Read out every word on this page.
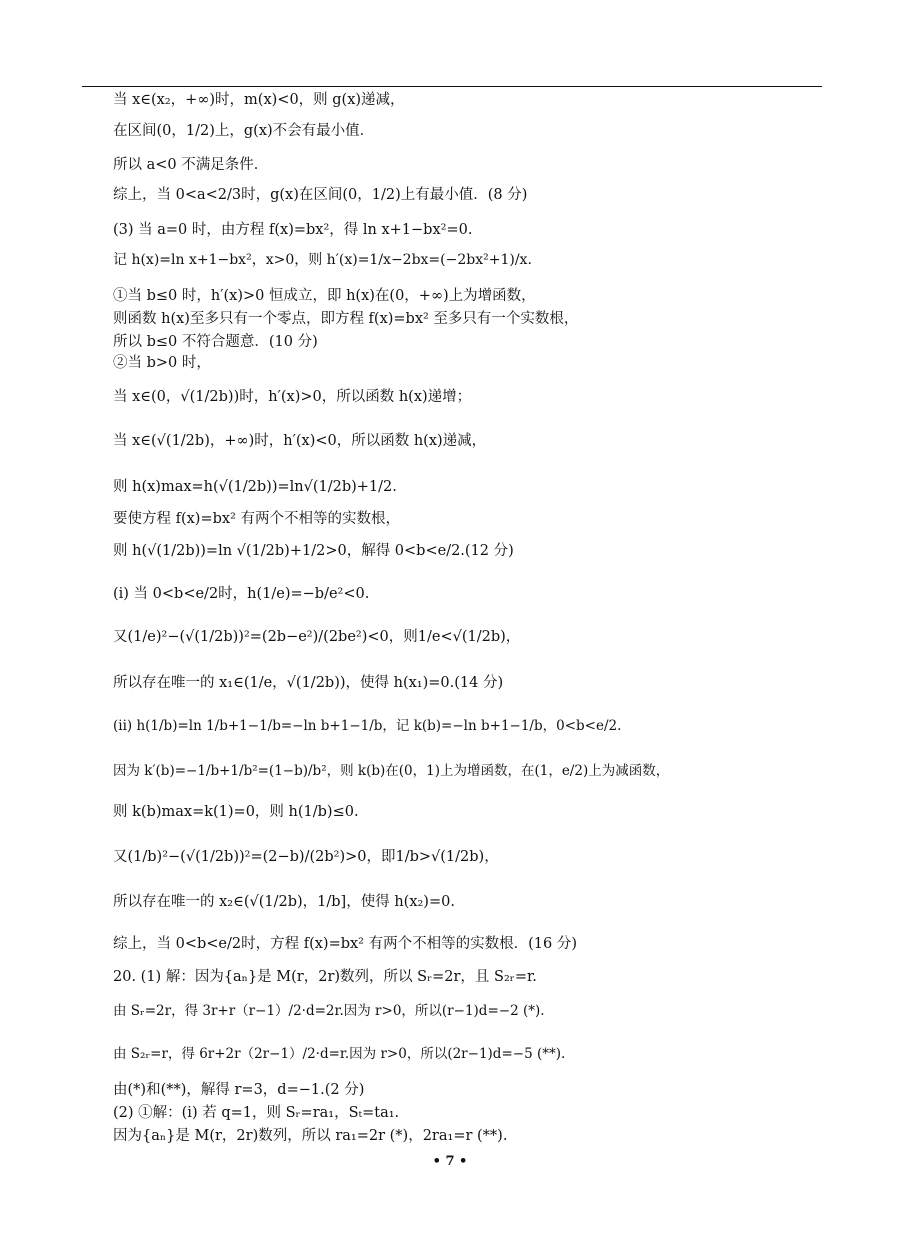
当 x∈(x₂，+∞)时，m(x)<0，则 g(x)递减，
在区间(0，1/2)上，g(x)不会有最小值．
所以 a<0 不满足条件．
综上，当 0<a<2/3时，g(x)在区间(0，1/2)上有最小值．(8 分)
(3) 当 a=0 时，由方程 f(x)=bx²，得 ln x+1−bx²=0.
记 h(x)=ln x+1−bx²，x>0，则 h′(x)=1/x−2bx=(−2bx²+1)/x.
①当 b≤0 时，h′(x)>0 恒成立，即 h(x)在(0，+∞)上为增函数，
则函数 h(x)至多只有一个零点，即方程 f(x)=bx² 至多只有一个实数根，
所以 b≤0 不符合题意．(10 分)
②当 b>0 时，
当 x∈(0，√(1/2b))时，h′(x)>0，所以函数 h(x)递增；
当 x∈(√(1/2b)，+∞)时，h′(x)<0，所以函数 h(x)递减，
则 h(x)max=h(√(1/2b))=ln√(1/2b)+1/2.
要使方程 f(x)=bx² 有两个不相等的实数根，
则 h(√(1/2b))=ln √(1/2b)+1/2>0，解得 0<b<e/2.(12 分)
(i) 当 0<b<e/2时，h(1/e)=−b/e²<0.
又(1/e)²−(√(1/2b))²=(2b−e²)/(2be²)<0，则1/e<√(1/2b)，
所以存在唯一的 x₁∈(1/e，√(1/2b))，使得 h(x₁)=0.(14 分)
(ii) h(1/b)=ln 1/b+1−1/b=−ln b+1−1/b，记 k(b)=−ln b+1−1/b，0<b<e/2.
因为 k′(b)=−1/b+1/b²=(1−b)/b²，则 k(b)在(0，1)上为增函数，在(1，e/2)上为减函数，
则 k(b)max=k(1)=0，则 h(1/b)≤0.
又(1/b)²−(√(1/2b))²=(2−b)/(2b²)>0，即1/b>√(1/2b)，
所以存在唯一的 x₂∈(√(1/2b)，1/b]，使得 h(x₂)=0.
综上，当 0<b<e/2时，方程 f(x)=bx² 有两个不相等的实数根．(16 分)
20. (1) 解：因为{aₙ}是 M(r，2r)数列，所以 Sᵣ=2r，且 S₂ᵣ=r.
由 Sᵣ=2r，得 3r+r（r−1）/2·d=2r.因为 r>0，所以(r−1)d=−2 (*).
由 S₂ᵣ=r，得 6r+2r（2r−1）/2·d=r.因为 r>0，所以(2r−1)d=−5 (**).
由(*)和(**)，解得 r=3，d=−1.(2 分)
(2) ①解：(i) 若 q=1，则 Sᵣ=ra₁，Sₜ=ta₁.
因为{aₙ}是 M(r，2r)数列，所以 ra₁=2r (*)，2ra₁=r (**).
• 7 •
